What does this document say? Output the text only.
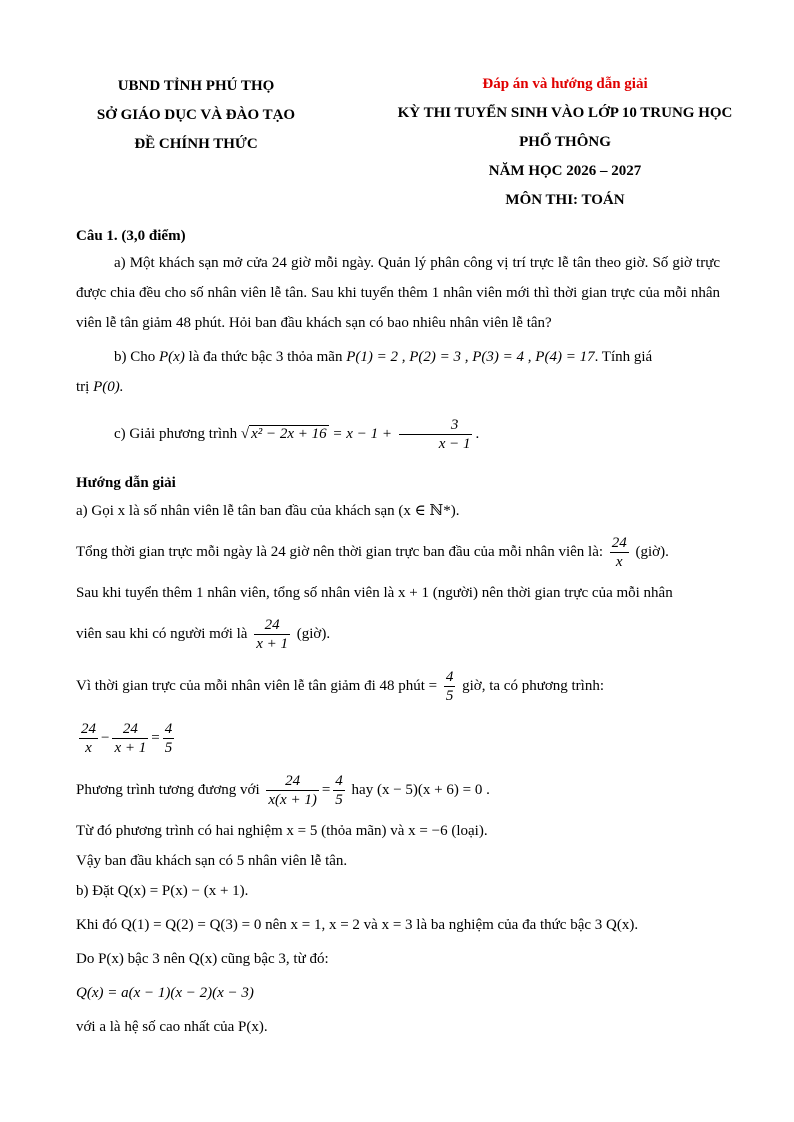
UBND TỈNH PHÚ THỌ
SỞ GIÁO DỤC VÀ ĐÀO TẠO
ĐỀ CHÍNH THỨC
Đáp án và hướng dẫn giải
KỲ THI TUYỂN SINH VÀO LỚP 10 TRUNG HỌC
PHỔ THÔNG
NĂM HỌC 2026 – 2027
MÔN THI: TOÁN
Câu 1. (3,0 điểm)

a) Một khách sạn mở cửa 24 giờ mỗi ngày. Quản lý phân công vị trí trực lễ tân theo giờ. Số giờ trực được chia đều cho số nhân viên lễ tân. Sau khi tuyển thêm 1 nhân viên mới thì thời gian trực của mỗi nhân viên lễ tân giảm 48 phút. Hỏi ban đầu khách sạn có bao nhiêu nhân viên lễ tân?

b) Cho P(x) là đa thức bậc 3 thỏa mãn P(1) = 2 , P(2) = 3 , P(3) = 4 , P(4) = 17. Tính giá

trị P(0).

c) Giải phương trình √ $x^2 - 2x + 16 = x - 1 + \frac{3}{x - 1}$ .

Hướng dẫn giải

a) Gọi x là số nhân viên lễ tân ban đầu của khách sạn (x ∈ ℕ*).

Tổng thời gian trực mỗi ngày là 24 giờ nên thời gian trực ban đầu của mỗi nhân viên là: $\frac{24}{x}$ (giờ).

Sau khi tuyển thêm 1 nhân viên, tổng số nhân viên là x + 1 (người) nên thời gian trực của mỗi nhân

viên sau khi có người mới là $\frac{24}{x + 1}$ (giờ).

Vì thời gian trực của mỗi nhân viên lễ tân giảm đi 48 phút = $\frac{4}{5}$ giờ, ta có phương trình:

$\frac{24}{x} - \frac{24}{x + 1} = \frac{4}{5}$

Phương trình tương đương với $\frac{24}{x(x + 1)} = \frac{4}{5}$ hay (x − 5)(x + 6) = 0 .

Từ đó phương trình có hai nghiệm x = 5 (thỏa mãn) và x = −6 (loại).

Vậy ban đầu khách sạn có 5 nhân viên lễ tân.

b) Đặt Q(x) = P(x) − (x + 1).

Khi đó Q(1) = Q(2) = Q(3) = 0 nên x = 1, x = 2 và x = 3 là ba nghiệm của đa thức bậc 3 Q(x).

Do P(x) bậc 3 nên Q(x) cũng bậc 3, từ đó:

Q(x) = a(x − 1)(x − 2)(x − 3)

với a là hệ số cao nhất của P(x).
